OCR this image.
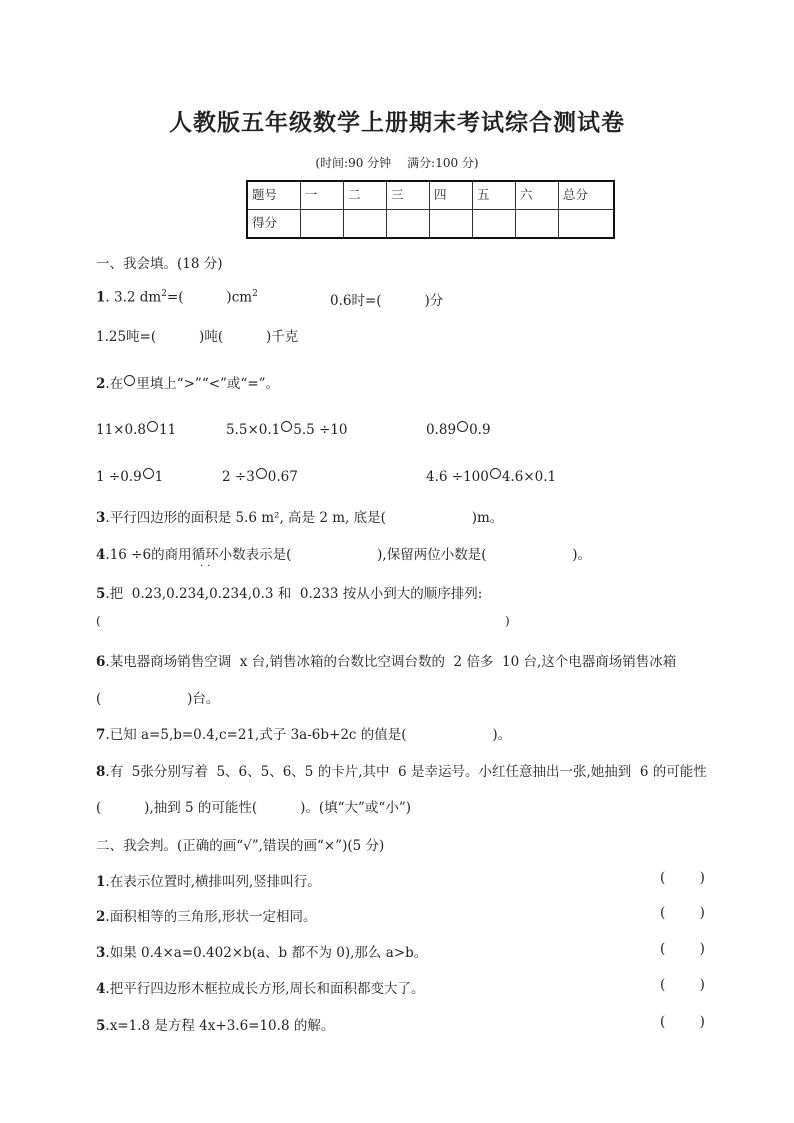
人教版五年级数学上册期末考试综合测试卷
(时间:90 分钟 满分:100 分)
题号	一	二	三	四	五	六	总分
得分							
一、我会填。(18 分)
1. 3.2 $dm^2=$(          )$cm^2$	0.6时=(          )分
1.25吨=(          )吨(          )千克
2.在 里填上“>”“<”或“=”。
11×0.8 11	5.5×0.1 5.5 ÷10	0.89 0.9
1 ÷0.9 1	2 ÷3 0.67	4.6 ÷100 4.6×0.1
3.平行四边形的面积是 5.6 m², 高是 2 m, 底是(                    )m。
4.16 ÷6的商用循环小数表示是(                    ),保留两位小数是(                    )。
··
5.把  0.23,0.234,0.234,0.3 和  0.233 按从小到大的顺序排列:
(                                                                                                          )
6.某电器商场销售空调  x 台,销售冰箱的台数比空调台数的  2 倍多  10 台,这个电器商场销售冰箱
(                    )台。
7.已知 a=5,b=0.4,c=21,式子 3a-6b+2c 的值是(                    )。
8.有  5张分别写着  5、6、5、6、5 的卡片,其中  6 是幸运号。小红任意抽出一张,她抽到  6 的可能性
(          ),抽到 5 的可能性(          )。(填“大”或“小”)
二、我会判。(正确的画“√”,错误的画“×”)(5 分)
1.在表示位置时,横排叫列,竖排叫行。	(        )
2.面积相等的三角形,形状一定相同。	(        )
3.如果 0.4×a=0.402×b(a、b 都不为 0),那么 a>b。	(        )
4.把平行四边形木框拉成长方形,周长和面积都变大了。	(        )
5.x=1.8 是方程 4x+3.6=10.8 的解。	(        )
